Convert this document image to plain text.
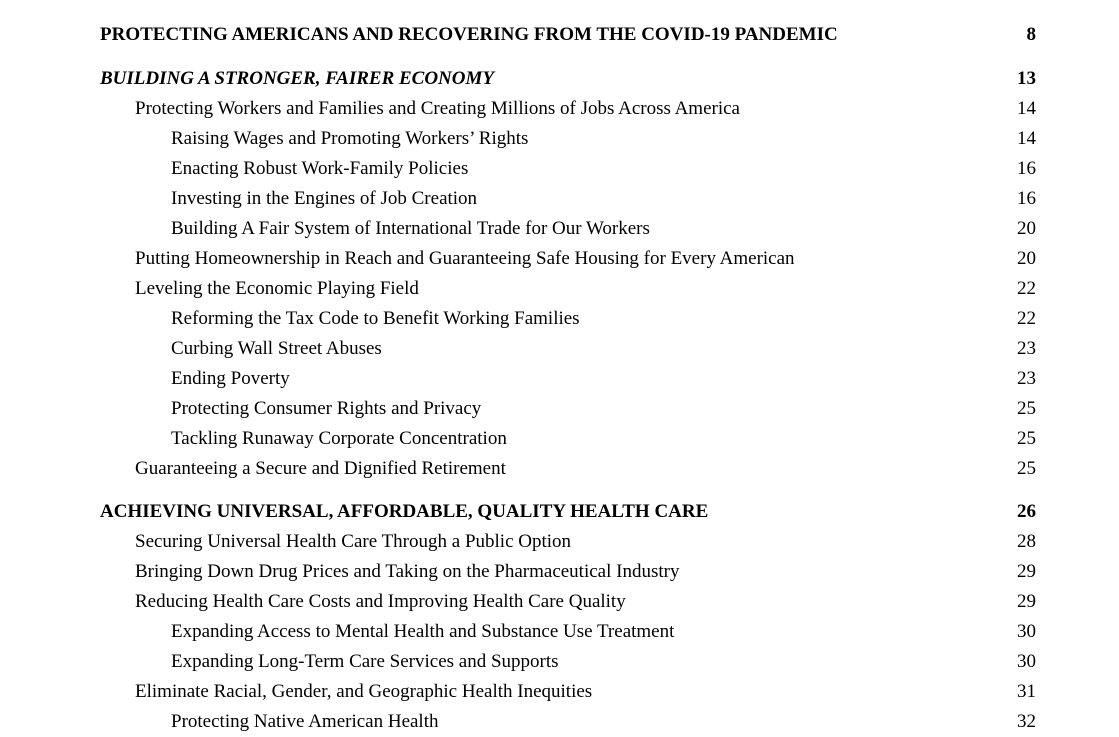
PROTECTING AMERICANS AND RECOVERING FROM THE COVID-19 PANDEMIC	8
BUILDING A STRONGER, FAIRER ECONOMY	13
Protecting Workers and Families and Creating Millions of Jobs Across America	14
Raising Wages and Promoting Workers’ Rights	14
Enacting Robust Work-Family Policies	16
Investing in the Engines of Job Creation	16
Building A Fair System of International Trade for Our Workers	20
Putting Homeownership in Reach and Guaranteeing Safe Housing for Every American	20
Leveling the Economic Playing Field	22
Reforming the Tax Code to Benefit Working Families	22
Curbing Wall Street Abuses	23
Ending Poverty	23
Protecting Consumer Rights and Privacy	25
Tackling Runaway Corporate Concentration	25
Guaranteeing a Secure and Dignified Retirement	25
ACHIEVING UNIVERSAL, AFFORDABLE, QUALITY HEALTH CARE	26
Securing Universal Health Care Through a Public Option	28
Bringing Down Drug Prices and Taking on the Pharmaceutical Industry	29
Reducing Health Care Costs and Improving Health Care Quality	29
Expanding Access to Mental Health and Substance Use Treatment	30
Expanding Long-Term Care Services and Supports	30
Eliminate Racial, Gender, and Geographic Health Inequities	31
Protecting Native American Health	32
